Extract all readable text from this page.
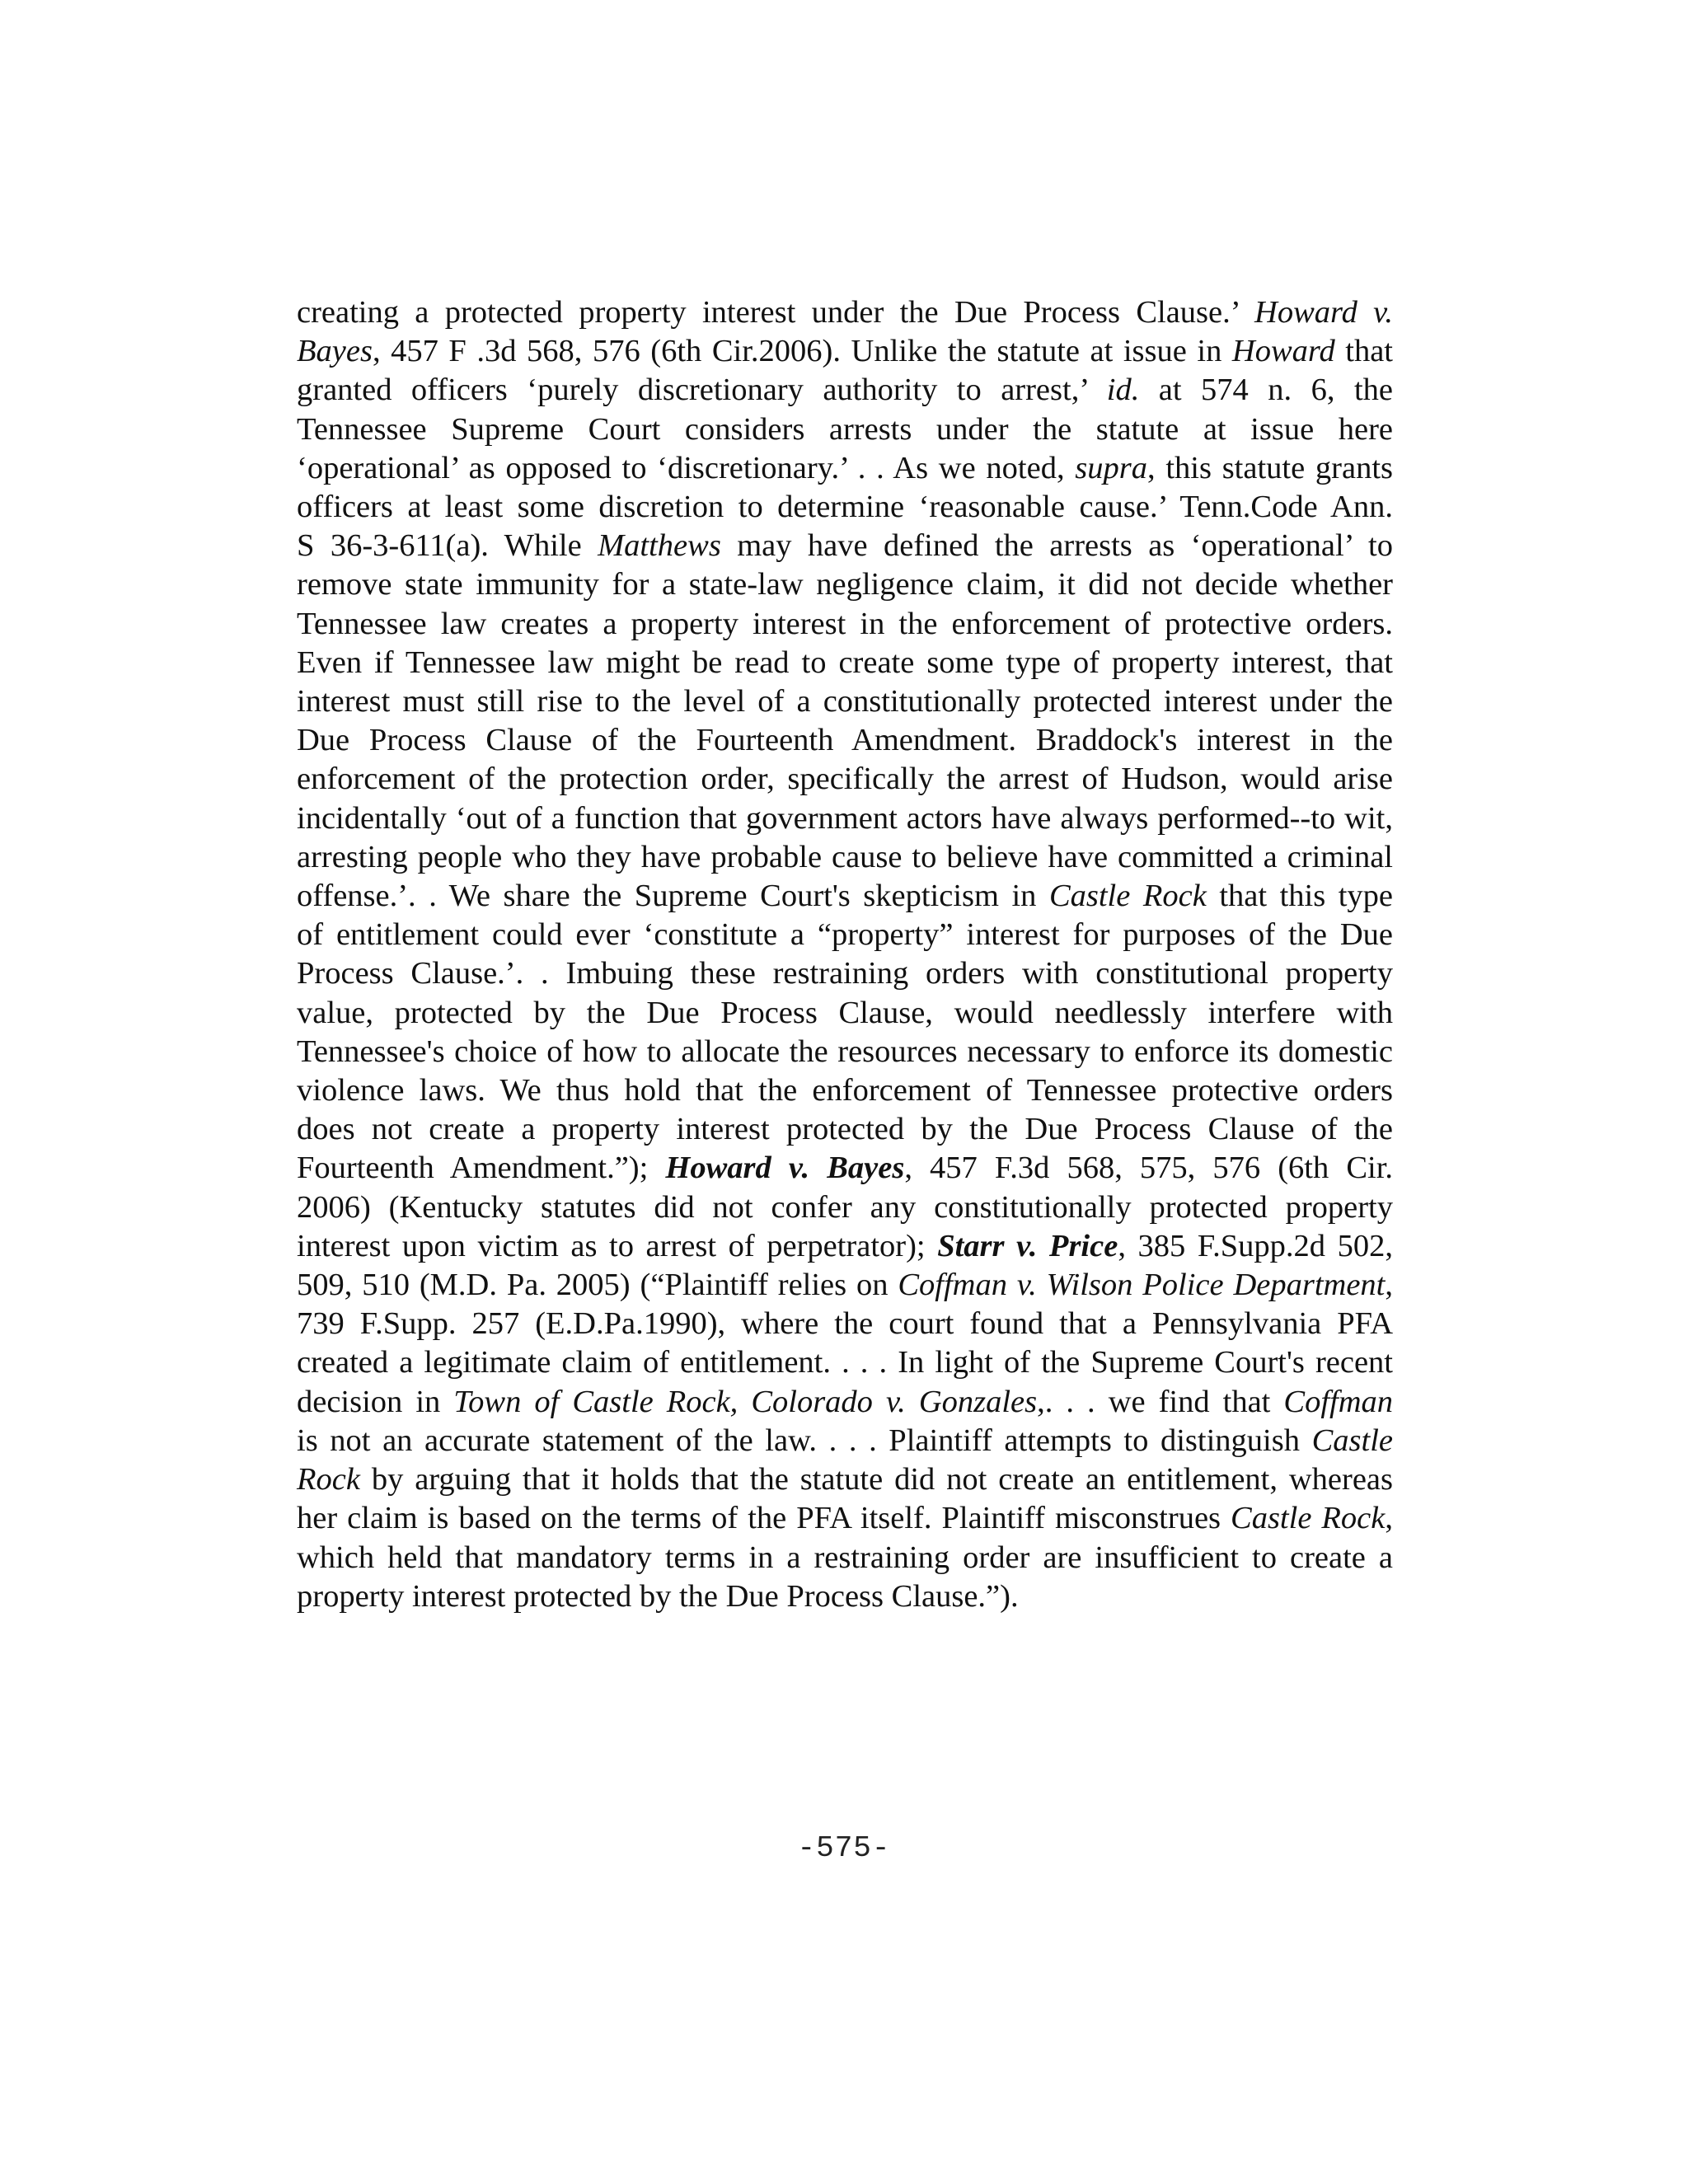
creating a protected property interest under the Due Process Clause.’ Howard v.
Bayes, 457 F .3d 568, 576 (6th Cir.2006). Unlike the statute at issue in Howard that
granted officers ‘purely discretionary authority to arrest,’ id. at 574 n. 6, the
Tennessee Supreme Court considers arrests under the statute at issue here
‘operational’ as opposed to ‘discretionary.’ . . As we noted, supra, this statute grants
officers at least some discretion to determine ‘reasonable cause.’ Tenn.Code Ann.
S 36-3-611(a). While Matthews may have defined the arrests as ‘operational’ to
remove state immunity for a state-law negligence claim, it did not decide whether
Tennessee law creates a property interest in the enforcement of protective orders.
Even if Tennessee law might be read to create some type of property interest, that
interest must still rise to the level of a constitutionally protected interest under the
Due Process Clause of the Fourteenth Amendment. Braddock's interest in the
enforcement of the protection order, specifically the arrest of Hudson, would arise
incidentally ‘out of a function that government actors have always performed--to wit,
arresting people who they have probable cause to believe have committed a criminal
offense.’. . We share the Supreme Court's skepticism in Castle Rock that this type
of entitlement could ever ‘constitute a “property” interest for purposes of the Due
Process Clause.’. . Imbuing these restraining orders with constitutional property
value, protected by the Due Process Clause, would needlessly interfere with
Tennessee's choice of how to allocate the resources necessary to enforce its domestic
violence laws. We thus hold that the enforcement of Tennessee protective orders
does not create a property interest protected by the Due Process Clause of the
Fourteenth Amendment.”); Howard v. Bayes, 457 F.3d 568, 575, 576 (6th Cir.
2006) (Kentucky statutes did not confer any constitutionally protected property
interest upon victim as to arrest of perpetrator); Starr v. Price, 385 F.Supp.2d 502,
509, 510 (M.D. Pa. 2005) (“Plaintiff relies on Coffman v. Wilson Police Department,
739 F.Supp. 257 (E.D.Pa.1990), where the court found that a Pennsylvania PFA
created a legitimate claim of entitlement. . . . In light of the Supreme Court's recent
decision in Town of Castle Rock, Colorado v. Gonzales,. . . we find that Coffman
is not an accurate statement of the law. . . . Plaintiff attempts to distinguish Castle
Rock by arguing that it holds that the statute did not create an entitlement, whereas
her claim is based on the terms of the PFA itself. Plaintiff misconstrues Castle Rock,
which held that mandatory terms in a restraining order are insufficient to create a
property interest protected by the Due Process Clause.”).
-575-
